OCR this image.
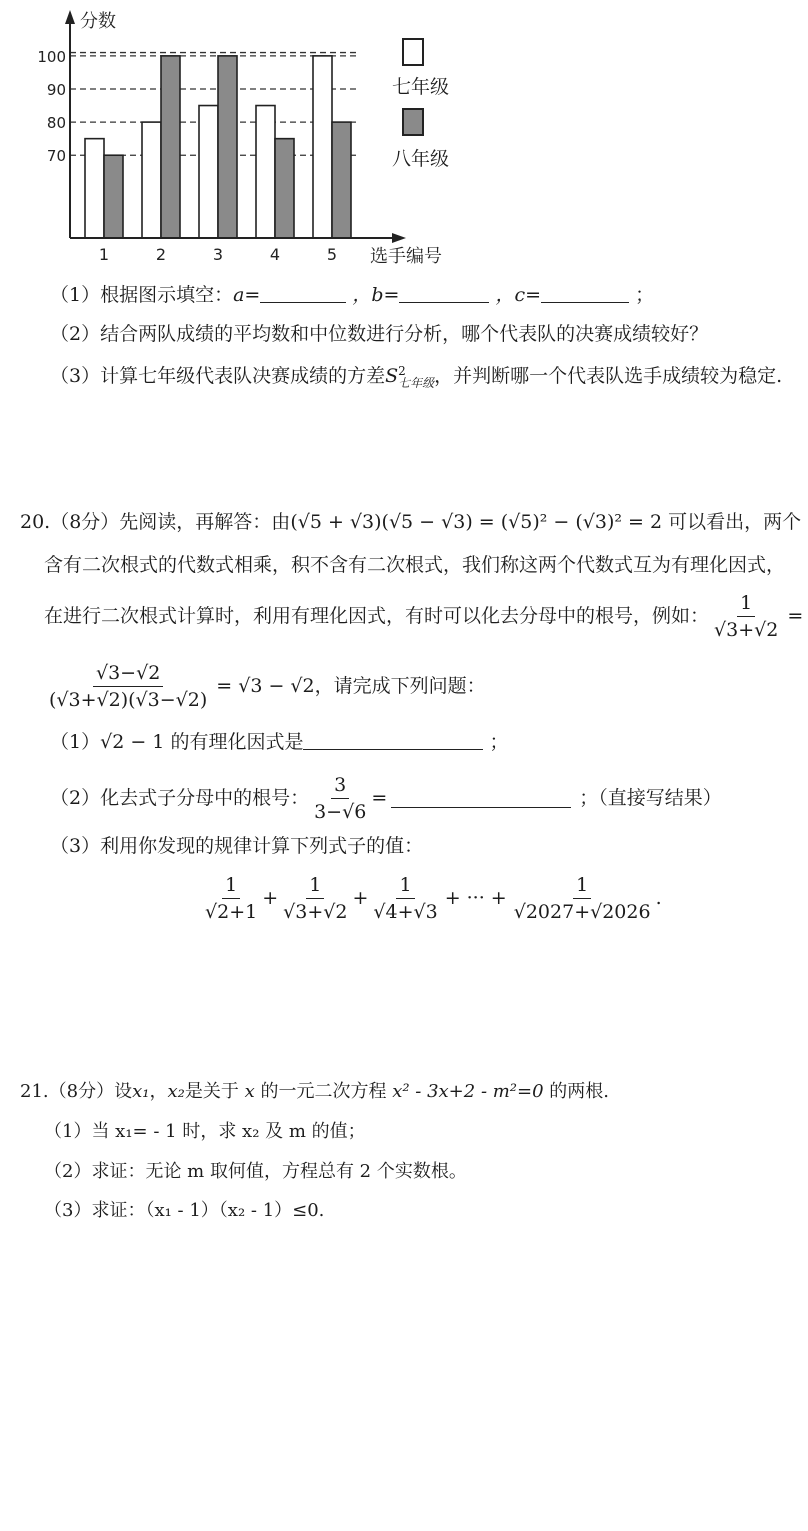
70
80
90
100
1	2	3	4	5
分数
选手编号
七年级
八年级
（1）根据图示填空：a=	，b=	，c=	；
（2）结合两队成绩的平均数和中位数进行分析，哪个代表队的决赛成绩较好？
（3）计算七年级代表队决赛成绩的方差S 2
七年级 ，并判断哪一个代表队选手成绩较为稳定.
20.（8分）先阅读，再解答：由(√5 + √3)(√5 − √3) = (√5)² − (√3)² = 2 可以看出，两个
含有二次根式的代数式相乘，积不含有二次根式，我们称这两个代数式互为有理化因式，
在进行二次根式计算时，利用有理化因式，有时可以化去分母中的根号，例如： $\frac{1}{√3+√2}$ =
$\frac{√3-√2}{(√3+√2)(√3-√2)} = √3 - √2$ ，请完成下列问题：
（1）√2 − 1 的有理化因式是	；
（2）化去式子分母中的根号： $\frac{3}{3-√6}$ =	；（直接写结果）
（3）利用你发现的规律计算下列式子的值：
$\frac{1}{√2+1} + \frac{1}{√3+√2} + \frac{1}{√4+√3}$ + ··· + $\frac{1}{√2027+√2026}$ .
21.（8分）设x₁，x₂是关于 x 的一元二次方程 x² - 3x+2 - m²=0 的两根.
（1）当 x₁= - 1 时，求 x₂ 及 m 的值；
（2）求证：无论 m 取何值，方程总有 2 个实数根。
（3）求证：（x₁ - 1）（x₂ - 1）≤0.
